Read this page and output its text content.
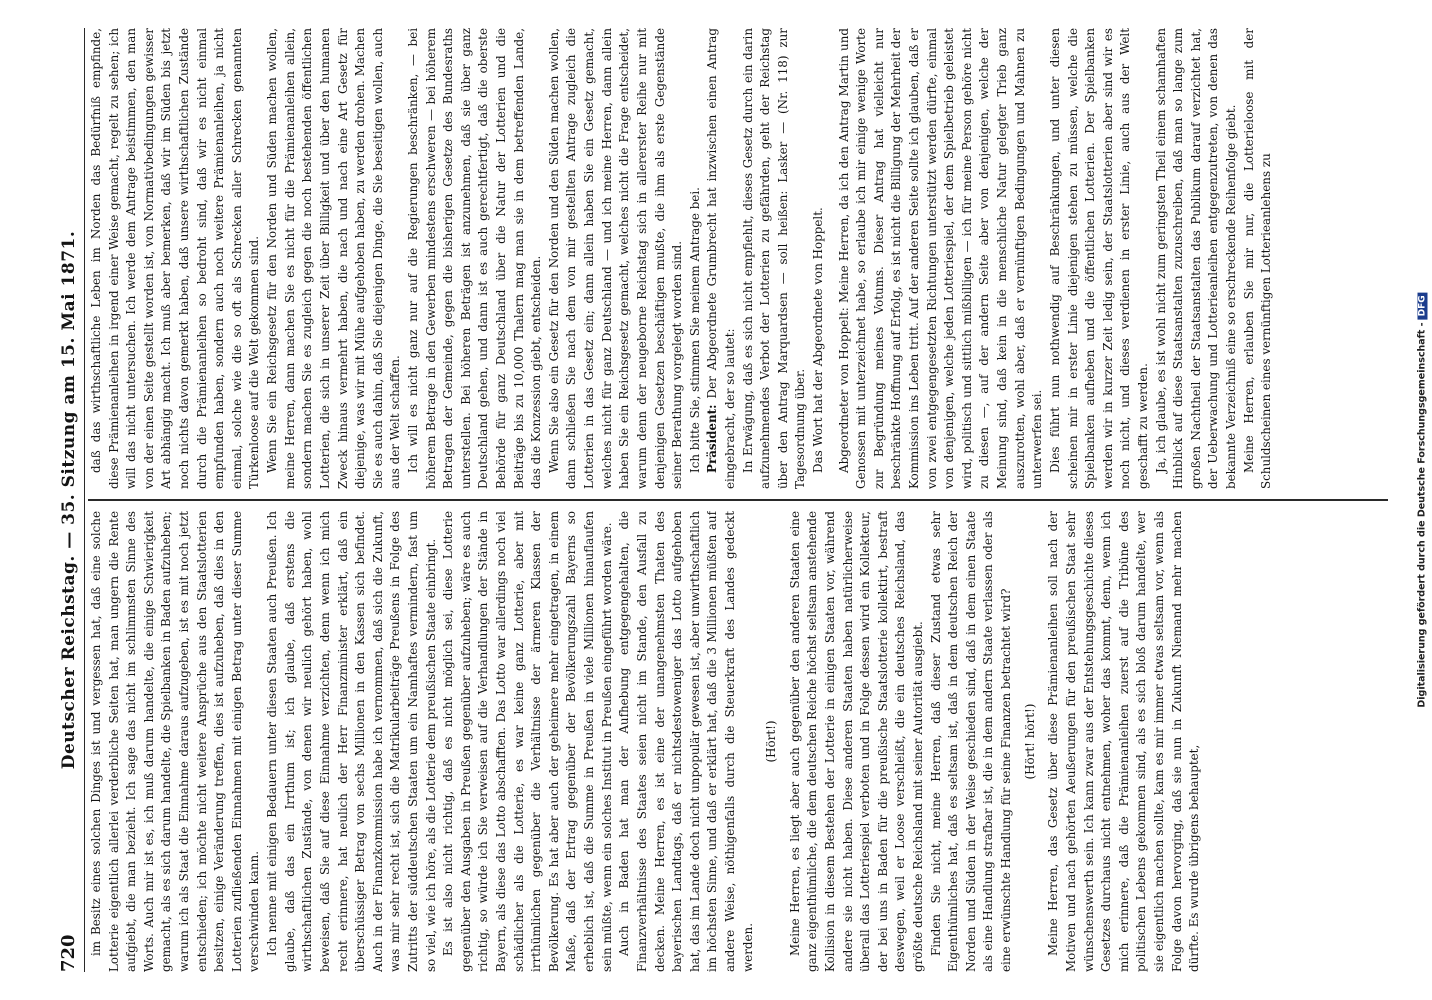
720
Deutscher Reichstag. — 35. Sitzung am 15. Mai 1871. im Besitz eines solchen Dinges ist und vergessen hat, daß eine solche Lotterie eigentlich allerlei verderbliche Seiten hat, man ungern die Rente aufgiebt, die man bezieht. Ich sage das nicht im schlimmsten Sinne des Worts. Auch mir ist es, ich muß darum handelte, die einige Schwierigkeit gemacht, als es sich darum handelte, die Spielbanken in Baden aufzuheben; warum ich als Staat die Einnahme daraus aufzugeben, ist es mit noch jetzt entschieden; ich möchte nicht weitere Ansprüche aus den Staatslotterien besitzen, einige Veränderung treffen, dies ist aufzuheben, daß dies in den Lotterien zufließenden Einnahmen mit einigen Betrag unter dieser Summe verschwinden kann. Ich nenne mit einigen Bedauern unter diesen Staaten auch Preußen. Ich glaube, daß das ein Irrthum ist; ich glaube, daß erstens die wirthschaftlichen Zustände, von denen wir neulich gehört haben, wohl beweisen, daß Sie auf diese Einnahme verzichten, denn wenn ich mich recht erinnere, hat neulich der Herr Finanzminister erklärt, daß ein überschüssiger Betrag von sechs Millionen in den Kassen sich befindet. Auch in der Finanzkommission habe ich vernommen, daß sich die Zukunft, was mir sehr recht ist, sich die Matrikularbeiträge Preußens in Folge des Zutritts der süddeutschen Staaten um ein Namhaftes vermindern, fast um so viel, wie ich höre, als die Lotterie dem preußischen Staate einbringt. Es ist also nicht richtig, daß es nicht möglich sei, diese Lotterie gegenüber den Ausgaben in Preußen gegenüber aufzuheben; wäre es auch richtig, so würde ich Sie verweisen auf die Verhandlungen der Stände in Bayern, als diese das Lotto abschafften. Das Lotto war allerdings noch viel schädlicher als die Lotterie, es war keine ganz Lotterie, aber mit irrthümlichen gegenüber die Verhältnisse der ärmeren Klassen der Bevölkerung. Es hat aber auch der geheimere mehr eingetragen, in einem Maße, daß der Ertrag gegenüber der Bevölkerungszahl Bayerns so erheblich ist, daß die Summe in Preußen in viele Millionen hinauflaufen sein müßte, wenn ein solches Institut in Preußen eingeführt worden wäre. Auch in Baden hat man der Aufhebung entgegengehalten, die Finanzverhältnisse des Staates seien nicht im Stande, den Ausfall zu decken. Meine Herren, es ist eine der unangenehmsten Thaten des bayerischen Landtags, daß er nichtsdestoweniger das Lotto aufgehoben hat, das im Lande doch nicht unpopulär gewesen ist, aber unwirthschaftlich im höchsten Sinne, und daß er erklärt hat, daß die 3 Millionen müßten auf andere Weise, nöthigenfalls durch die Steuerkraft des Landes gedeckt werden.

(Hört!) Meine Herren, es liegt aber auch gegenüber den anderen Staaten eine ganz eigenthümliche, die dem deutschen Reiche höchst seltsam anstehende Kollision in diesem Bestehen der Lotterie in einigen Staaten vor, während andere sie nicht haben. Diese anderen Staaten haben natürlicherweise überall das Lotteriespiel verboten und in Folge dessen wird ein Kollekteur, der bei uns in Baden für die preußische Staatslotterie kollektirt, bestraft deswegen, weil er Loose verschleißt, die ein deutsches Reichsland, das größte deutsche Reichsland mit seiner Autorität ausgiebt. Finden Sie nicht, meine Herren, daß dieser Zustand etwas sehr Eigenthümliches hat, daß es seltsam ist, daß in dem deutschen Reich der Norden und Süden in der Weise geschieden sind, daß in dem einen Staate als eine Handlung strafbar ist, die in dem andern Staate verlassen oder als eine erwünschte Handlung für seine Finanzen betrachtet wird? (Hört! hört!) Meine Herren, das Gesetz über diese Prämienanleihen soll nach der Motiven und nach gehörten Aeußerungen für den preußischen Staat sehr wünschenswerth sein. Ich kann zwar aus der Entstehungsgeschichte dieses Gesetzes durchaus nicht entnehmen, woher das kommt, denn, wenn ich mich erinnere, daß die Prämienanleihen zuerst auf die Tribüne des politischen Lebens gekommen sind, als es sich bloß darum handelte, wer sie eigentlich machen sollte, kam es mir immer etwas seltsam vor, wenn als Folge davon hervorging, daß sie nun in Zukunft Niemand mehr machen dürfte. Es wurde übrigens behauptet,

daß das wirthschaftliche Leben im Norden das Bedürfniß empfinde, diese Prämienanleihen in irgend einer Weise gemacht, regelt zu sehen; ich will das nicht untersuchen. Ich werde dem Antrage beistimmen, den man von der einen Seite gestellt worden ist, von Normativbedingungen gewisser Art abhängig macht. Ich muß aber bemerken, daß wir im Süden bis jetzt noch nichts davon gemerkt haben, daß unsere wirthschaftlichen Zustände durch die Prämienanleihen so bedroht sind, daß wir es nicht einmal empfunden haben, sondern auch noch weitere Prämienanleihen, ja nicht einmal, solche wie die so oft als Schrecken aller Schrecken genannten Türkenloose auf die Welt gekommen sind. Wenn Sie ein Reichsgesetz für den Norden und Süden machen wollen, meine Herren, dann machen Sie es nicht für die Prämienanleihen allein, sondern machen Sie es zugleich gegen die noch bestehenden öffentlichen Lotterien, die sich in unserer Zeit über Billigkeit und über den humanen Zweck hinaus vermehrt haben, die nach und nach eine Art Gesetz für diejenige, was wir mit Mühe aufgehoben haben, zu werden drohen. Machen Sie es auch dahin, daß Sie diejenigen Dinge, die Sie beseitigen wollen, auch aus der Welt schaffen. Ich will es nicht ganz nur auf die Regierungen beschränken, — bei höherem Betrage in den Gewerben mindestens erschweren — bei höherem Betragen der Gemeinde, gegen die bisherigen Gesetze des Bundesraths unterstellen. Bei höheren Beträgen ist anzunehmen, daß sie über ganz Deutschland gehen, und dann ist es auch gerechtfertigt, daß die oberste Behörde für ganz Deutschland über die Natur der Lotterien und die Beiträge bis zu 10,000 Thalern mag man sie in dem betreffenden Lande, das die Konzession giebt, entscheiden. Wenn Sie also ein Gesetz für den Norden und den Süden machen wollen, dann schließen Sie nach dem von mir gestellten Antrage zugleich die Lotterien in das Gesetz ein; dann allein haben Sie ein Gesetz gemacht, welches nicht für ganz Deutschland — und ich meine Herren, dann allein haben Sie ein Reichsgesetz gemacht, welches nicht die Frage entscheidet, warum denn der neugeborne Reichstag sich in allererster Reihe nur mit denjenigen Gesetzen beschäftigen mußte, die ihm als erste Gegenstände seiner Berathung vorgelegt worden sind. Ich bitte Sie, stimmen Sie meinem Antrage bei. Präsident: Der Abgeordnete Grumbrecht hat inzwischen einen Antrag eingebracht, der so lautet: In Erwägung, daß es sich nicht empfiehlt, dieses Gesetz durch ein darin aufzunehmendes Verbot der Lotterien zu gefährden, geht der Reichstag über den Antrag Marquardsen — soll heißen: Lasker — (Nr. 118) zur Tagesordnung über. Das Wort hat der Abgeordnete von Hoppelt. Abgeordneter von Hoppelt: Meine Herren, da ich den Antrag Martin und Genossen mit unterzeichnet habe, so erlaube ich mir einige wenige Worte zur Begründung meines Votums. Dieser Antrag hat vielleicht nur beschränkte Hoffnung auf Erfolg, es ist nicht die Billigung der Mehrheit der Kommission ins Leben tritt. Auf der anderen Seite sollte ich glauben, daß er von zwei entgegengesetzten Richtungen unterstützt werden dürfte, einmal von denjenigen, welche jeden Lotteriespiel, der dem Spielbetrieb geleistet wird, politisch und sittlich mißbilligen — ich für meine Person gehöre nicht zu diesen —, auf der andern Seite aber von denjenigen, welche der Meinung sind, daß kein in die menschliche Natur gelegter Trieb ganz auszurotten, wohl aber, daß er vernünftigen Bedingungen und Mahnen zu unterwerfen sei. Dies führt nun nothwendig auf Beschränkungen, und unter diesen scheinen mir in erster Linie diejenigen stehen zu müssen, welche die Spielbanken aufheben und die öffentlichen Lotterien. Der Spielbanken werden wir in kurzer Zeit ledig sein, der Staatslotterien aber sind wir es noch nicht, und dieses verdienen in erster Linie, auch aus der Welt geschafft zu werden. Ja, ich glaube, es ist wohl nicht zum geringsten Theil einem schamhaften Hinblick auf diese Staatsanstalten zuzuschreiben, daß man so lange zum großen Nachtheil der Staatsanstalten das Publikum darauf verzichtet hat, der Ueberwachung und Lotterieanleihen entgegenzutreten, von denen das bekannte Verzeichniß eine so erschreckende Reihenfolge giebt. Meine Herren, erlauben Sie mir nur, die Lotterieloose mit der Schuldscheinen eines vernünftigen Lotterieanlehens zu

Digitalisierung gefördert durch die Deutsche Forschungsgemeinschaft -DFG
